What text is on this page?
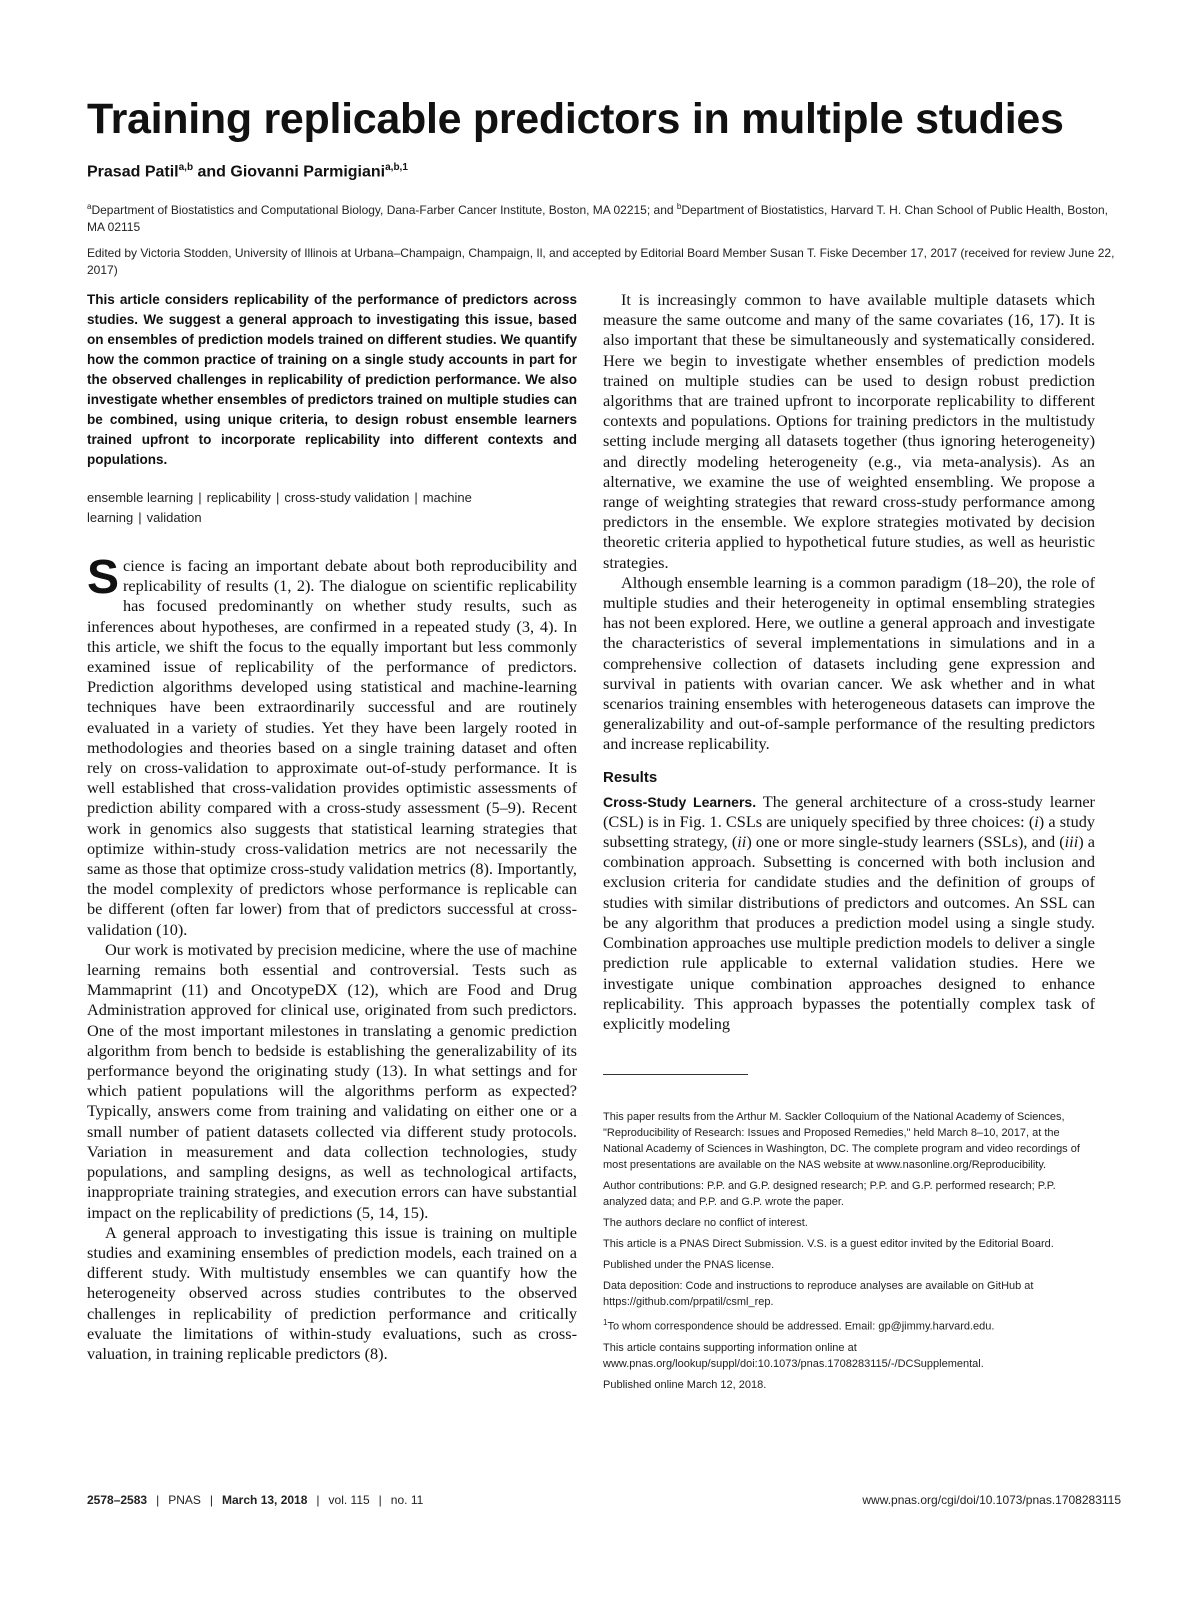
Training replicable predictors in multiple studies
Prasad Patil$^{a,b}$ and Giovanni Parmigiani$^{a,b,1}$
$^a$Department of Biostatistics and Computational Biology, Dana-Farber Cancer Institute, Boston, MA 02215; and $^b$Department of Biostatistics, Harvard T. H. Chan School of Public Health, Boston, MA 02115
Edited by Victoria Stodden, University of Illinois at Urbana–Champaign, Champaign, Il, and accepted by Editorial Board Member Susan T. Fiske December 17, 2017 (received for review June 22, 2017)

This article considers replicability of the performance of predictors across studies. We suggest a general approach to investigating this issue, based on ensembles of prediction models trained on different studies. We quantify how the common practice of training on a single study accounts in part for the observed challenges in replicability of prediction performance. We also investigate whether ensembles of predictors trained on multiple studies can be combined, using unique criteria, to design robust ensemble learners trained upfront to incorporate replicability into different contexts and populations.

ensemble learning | replicability | cross-study validation | machine learning | validation

Science is facing an important debate about both reproducibility and replicability of results (1, 2). The dialogue on scientific replicability has focused predominantly on whether study results, such as inferences about hypotheses, are confirmed in a repeated study (3, 4). In this article, we shift the focus to the equally important but less commonly examined issue of replicability of the performance of predictors. Prediction algorithms developed using statistical and machine-learning techniques have been extraordinarily successful and are routinely evaluated in a variety of studies. Yet they have been largely rooted in methodologies and theories based on a single training dataset and often rely on cross-validation to approximate out-of-study performance. It is well established that cross-validation provides optimistic assessments of prediction ability compared with a cross-study assessment (5–9). Recent work in genomics also suggests that statistical learning strategies that optimize within-study cross-validation metrics are not necessarily the same as those that optimize cross-study validation metrics (8). Importantly, the model complexity of predictors whose performance is replicable can be different (often far lower) from that of predictors successful at cross-validation (10).

Our work is motivated by precision medicine, where the use of machine learning remains both essential and controversial. Tests such as Mammaprint (11) and OncotypeDX (12), which are Food and Drug Administration approved for clinical use, originated from such predictors. One of the most important milestones in translating a genomic prediction algorithm from bench to bedside is establishing the generalizability of its performance beyond the originating study (13). In what settings and for which patient populations will the algorithms perform as expected? Typically, answers come from training and validating on either one or a small number of patient datasets collected via different study protocols. Variation in measurement and data collection technologies, study populations, and sampling designs, as well as technological artifacts, inappropriate training strategies, and execution errors can have substantial impact on the replicability of predictions (5, 14, 15).

A general approach to investigating this issue is training on multiple studies and examining ensembles of prediction models, each trained on a different study. With multistudy ensembles we can quantify how the heterogeneity observed across studies contributes to the observed challenges in replicability of prediction performance and critically evaluate the limitations of within-study evaluations, such as cross-valuation, in training replicable predictors (8).

It is increasingly common to have available multiple datasets which measure the same outcome and many of the same covariates (16, 17). It is also important that these be simultaneously and systematically considered. Here we begin to investigate whether ensembles of prediction models trained on multiple studies can be used to design robust prediction algorithms that are trained upfront to incorporate replicability to different contexts and populations. Options for training predictors in the multistudy setting include merging all datasets together (thus ignoring heterogeneity) and directly modeling heterogeneity (e.g., via meta-analysis). As an alternative, we examine the use of weighted ensembling. We propose a range of weighting strategies that reward cross-study performance among predictors in the ensemble. We explore strategies motivated by decision theoretic criteria applied to hypothetical future studies, as well as heuristic strategies.

Although ensemble learning is a common paradigm (18–20), the role of multiple studies and their heterogeneity in optimal ensembling strategies has not been explored. Here, we outline a general approach and investigate the characteristics of several implementations in simulations and in a comprehensive collection of datasets including gene expression and survival in patients with ovarian cancer. We ask whether and in what scenarios training ensembles with heterogeneous datasets can improve the generalizability and out-of-sample performance of the resulting predictors and increase replicability.

Results

Cross-Study Learners. The general architecture of a cross-study learner (CSL) is in Fig. 1. CSLs are uniquely specified by three choices: (i) a study subsetting strategy, (ii) one or more single-study learners (SSLs), and (iii) a combination approach. Subsetting is concerned with both inclusion and exclusion criteria for candidate studies and the definition of groups of studies with similar distributions of predictors and outcomes. An SSL can be any algorithm that produces a prediction model using a single study. Combination approaches use multiple prediction models to deliver a single prediction rule applicable to external validation studies. Here we investigate unique combination approaches designed to enhance replicability. This approach bypasses the potentially complex task of explicitly modeling

This paper results from the Arthur M. Sackler Colloquium of the National Academy of Sciences, "Reproducibility of Research: Issues and Proposed Remedies," held March 8–10, 2017, at the National Academy of Sciences in Washington, DC. The complete program and video recordings of most presentations are available on the NAS website at www.nasonline.org/Reproducibility.

Author contributions: P.P. and G.P. designed research; P.P. and G.P. performed research; P.P. analyzed data; and P.P. and G.P. wrote the paper.

The authors declare no conflict of interest.

This article is a PNAS Direct Submission. V.S. is a guest editor invited by the Editorial Board.

Published under the PNAS license.

Data deposition: Code and instructions to reproduce analyses are available on GitHub at https://github.com/prpatil/csml_rep.

$^1$To whom correspondence should be addressed. Email: gp@jimmy.harvard.edu.

This article contains supporting information online at www.pnas.org/lookup/suppl/doi:10.1073/pnas.1708283115/-/DCSupplemental.

Published online March 12, 2018.

2578–2583 | PNAS | March 13, 2018 | vol. 115 | no. 11	www.pnas.org/cgi/doi/10.1073/pnas.1708283115
